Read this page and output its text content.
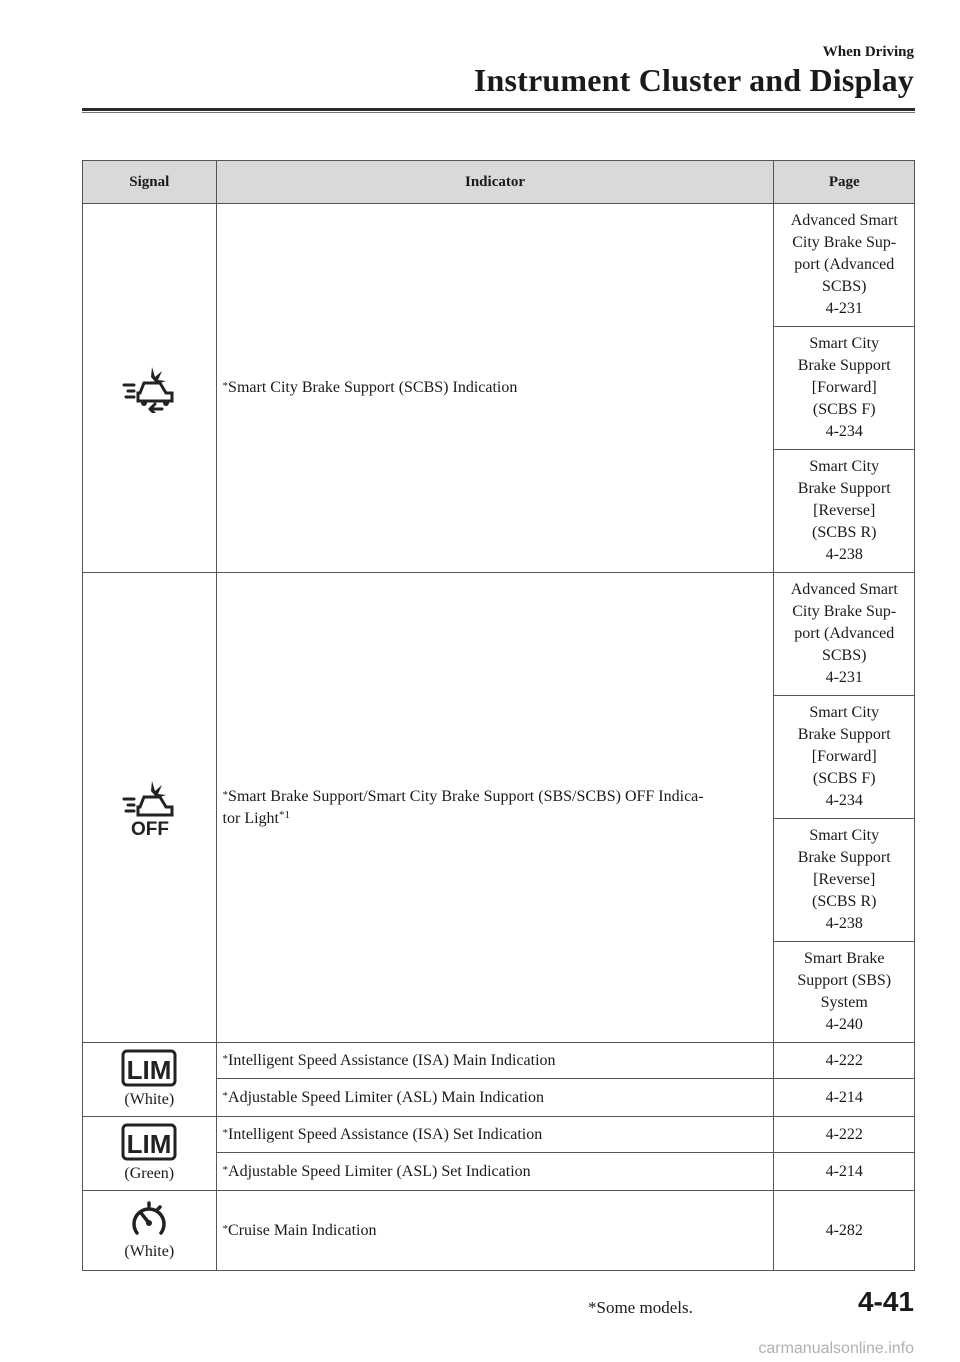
When Driving
Instrument Cluster and Display
Signal	Indicator	Page

	*Smart City Brake Support (SCBS) Indication	Advanced Smart
City Brake Sup-
port (Advanced
SCBS)
4-231
		Smart City
Brake Support
[Forward]
(SCBS F)
4-234
		Smart City
Brake Support
[Reverse]
(SCBS R)
4-238

OFF	*Smart Brake Support/Smart City Brake Support (SBS/SCBS) OFF Indica-
tor Light$^{*1}$	Advanced Smart
City Brake Sup-
port (Advanced
SCBS)
4-231
		Smart City
Brake Support
[Forward]
(SCBS F)
4-234
		Smart City
Brake Support
[Reverse]
(SCBS R)
4-238
		Smart Brake
Support (SBS)
System
4-240

LIM
(White)	*Intelligent Speed Assistance (ISA) Main Indication	4-222
	*Adjustable Speed Limiter (ASL) Main Indication	4-214

LIM
(Green)	*Intelligent Speed Assistance (ISA) Set Indication	4-222
	*Adjustable Speed Limiter (ASL) Set Indication	4-214

(White)	*Cruise Main Indication	4-282
*Some models.	4-41
carmanualsonline.info
